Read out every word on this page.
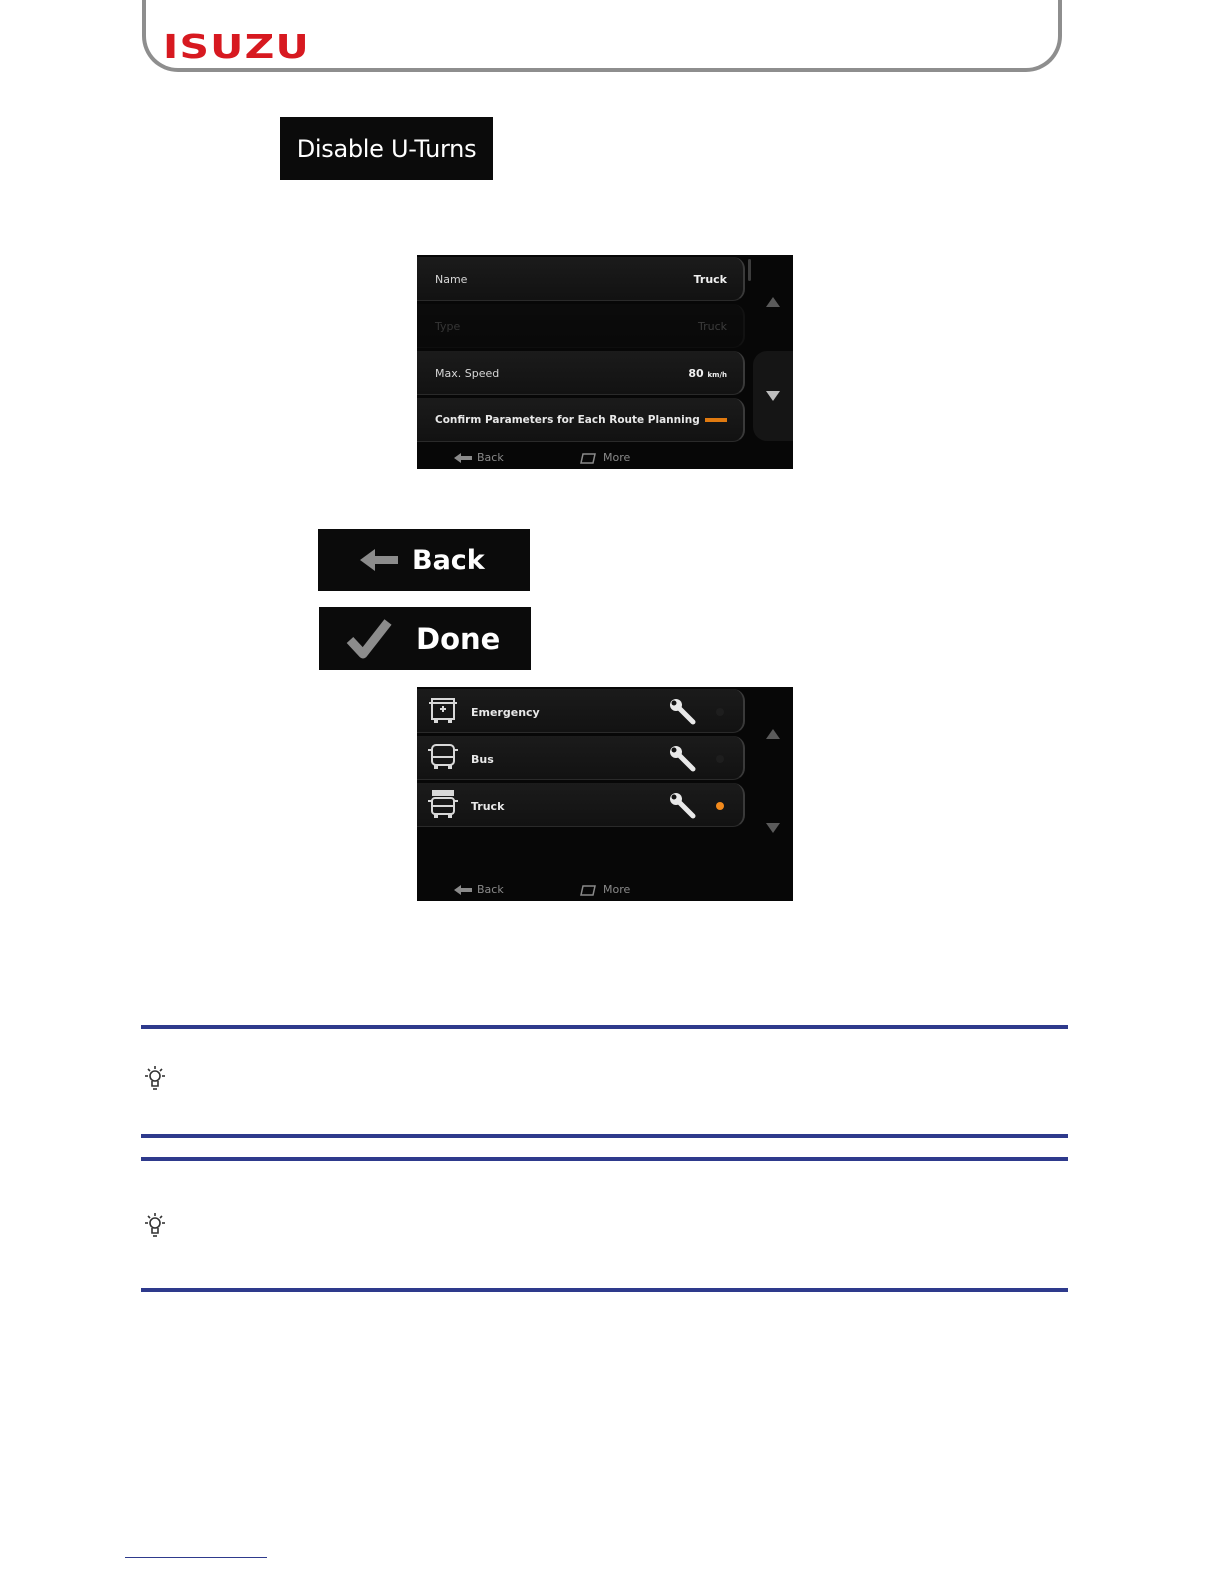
ISUZU
Disable U-Turns
Name	Truck
Type	Truck
Max. Speed	80 km/h
Confirm Parameters for Each Route Planning
Back	More
Back
Done
Emergency
Bus
Truck
Back	More
